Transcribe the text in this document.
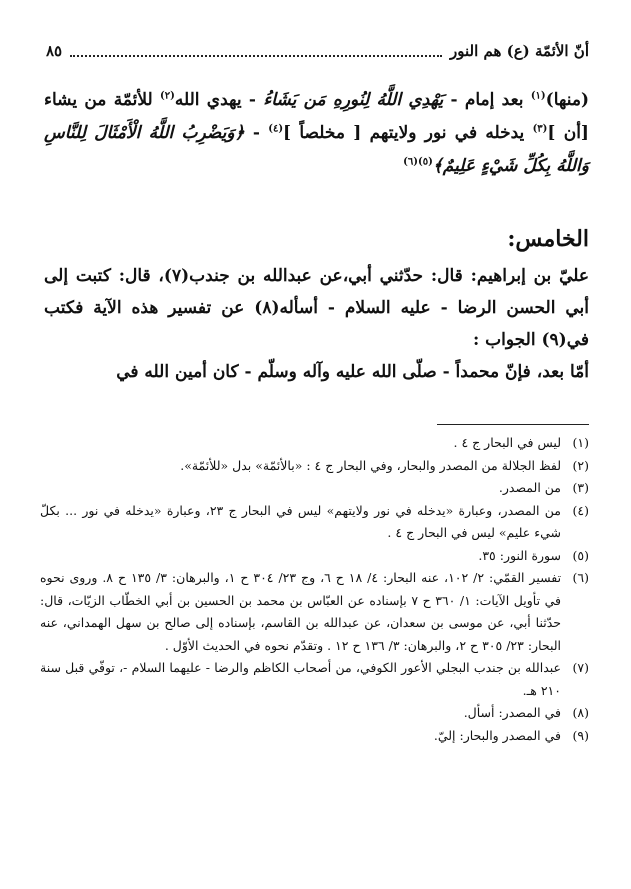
أنّ الأئمّة (ع) هم النور
٨٥

(منها)$^{(١)}$ بعد إمام - يَهْدِي اللَّهُ لِنُورِهِ مَن يَشَاءُ - يهدي الله$^{(٢)}$ للأئمّة من يشاء [أن ]$^{(٣)}$ يدخله في نور ولايتهم [ مخلصاً ]$^{(٤)}$ - ﴿وَيَضْرِبُ اللَّهُ الْأَمْثَالَ لِلنَّاسِ وَاللَّهُ بِكُلِّ شَيْءٍ عَلِيمٌ﴾$^{(٥)(٦)}$

الخامس:

عليّ بن إبراهيم: قال: حدّثني أبي،عن عبدالله بن جندب(٧)، قال: كتبت إلى أبي الحسن الرضا - عليه السلام - أسأله(٨) عن تفسير هذه الآية فكتب في(٩) الجواب :

أمّا بعد، فإنّ محمداً - صلّى الله عليه وآله وسلّم - كان أمين الله في

(١)
ليس في البحار ج ٤ .
(٢)
لفظ الجلالة من المصدر والبحار، وفي البحار ج ٤ : «بالأئمّة» بدل «للأئمّة».
(٣)
من المصدر.
(٤)
من المصدر، وعبارة «يدخله في نور ولايتهم» ليس في البحار ج ٢٣، وعبارة «يدخله في نور ... بكلّ شيء عليم» ليس في البحار ج ٤ .
(٥)
سورة النور: ٣٥.
(٦)
تفسير القمّي: ٢/ ١٠٢، عنه البحار: ٤/ ١٨ ح ٦، وج ٢٣/ ٣٠٤ ح ١، والبرهان: ٣/ ١٣٥ ح ٨. وروى نحوه في تأويل الآيات: ١/ ٣٦٠ ح ٧ بإسناده عن العبّاس بن محمد بن الحسين بن أبي الخطّاب الزيّات، قال: حدّثنا أبي، عن موسى بن سعدان، عن عبدالله بن القاسم، بإسناده إلى صالح بن سهل الهمداني، عنه البحار: ٢٣/ ٣٠٥ ح ٢، والبرهان: ٣/ ١٣٦ ح ١٢ . وتقدّم نحوه في الحديث الأوّل .
(٧)
عبدالله بن جندب البجلي الأعور الكوفي، من أصحاب الكاظم والرضا - عليهما السلام -، توفّي قبل سنة ٢١٠ هـ.
(٨)
في المصدر: أسأل.
(٩)
في المصدر والبحار: إليّ.
